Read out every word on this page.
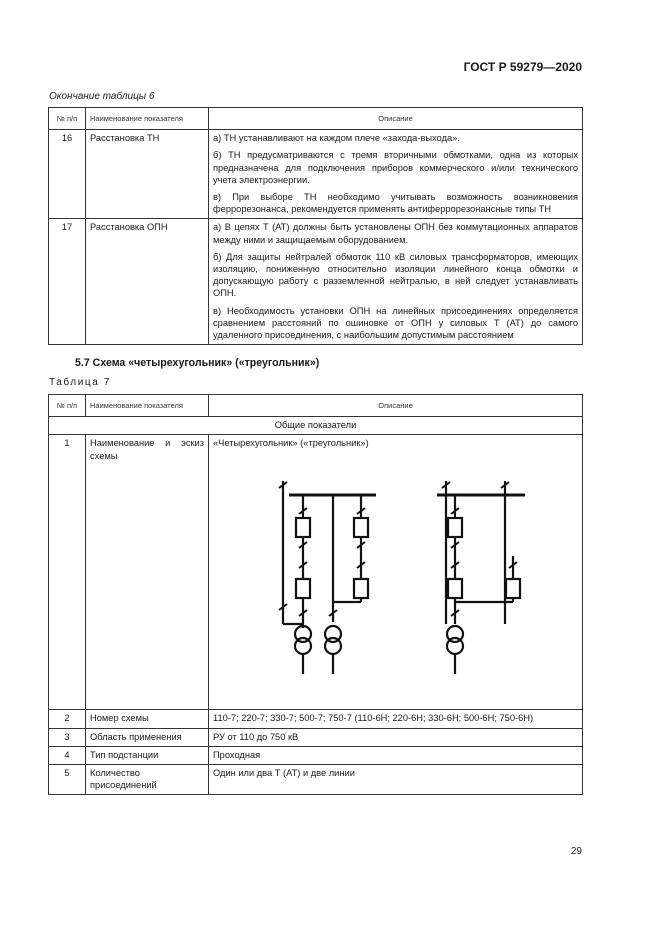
ГОСТ Р 59279—2020
Окончание таблицы 6
№ п/п	Наименование показателя	Описание
16	Расстановка ТН	а) ТН устанавливают на каждом плече «захода-выхода».

б) ТН предусматриваются с тремя вторичными обмотками, одна из которых предназначена для подключения приборов коммерческого и/или технического учета электроэнергии.

в) При выборе ТН необходимо учитывать возможность возникновения феррорезонанса, рекомендуется применять антиферрорезонансные типы ТН

17	Расстановка ОПН	а) В цепях Т (АТ) должны быть установлены ОПН без коммутационных аппаратов между ними и защищаемым оборудованием.

б) Для защиты нейтралей обмоток 110 кВ силовых трансформаторов, имеющих изоляцию, пониженную относительно изоляции линейного конца обмотки и допускающую работу с разземленной нейтралью, в ней следует устанавливать ОПН.

в) Необходимость установки ОПН на линейных присоединениях определяется сравнением расстояний по ошиновке от ОПН у силовых Т (АТ) до самого удаленного присоединения, с наибольшим допустимым расстоянием

5.7 Схема «четырехугольник» («треугольник»)
Таблица 7
№ п/п	Наименование показателя	Описание
Общие показатели		
1	Наименование и эскиз схемы	«Четырехугольник» («треугольник»)

2	Номер схемы	110-7; 220-7; 330-7; 500-7; 750-7 (110-6Н; 220-6Н; 330-6Н; 500-6Н; 750-6Н)
3	Область применения	РУ от 110 до 750 кВ
4	Тип подстанции	Проходная
5	Количество присоединений	Один или два Т (АТ) и две линии
29
